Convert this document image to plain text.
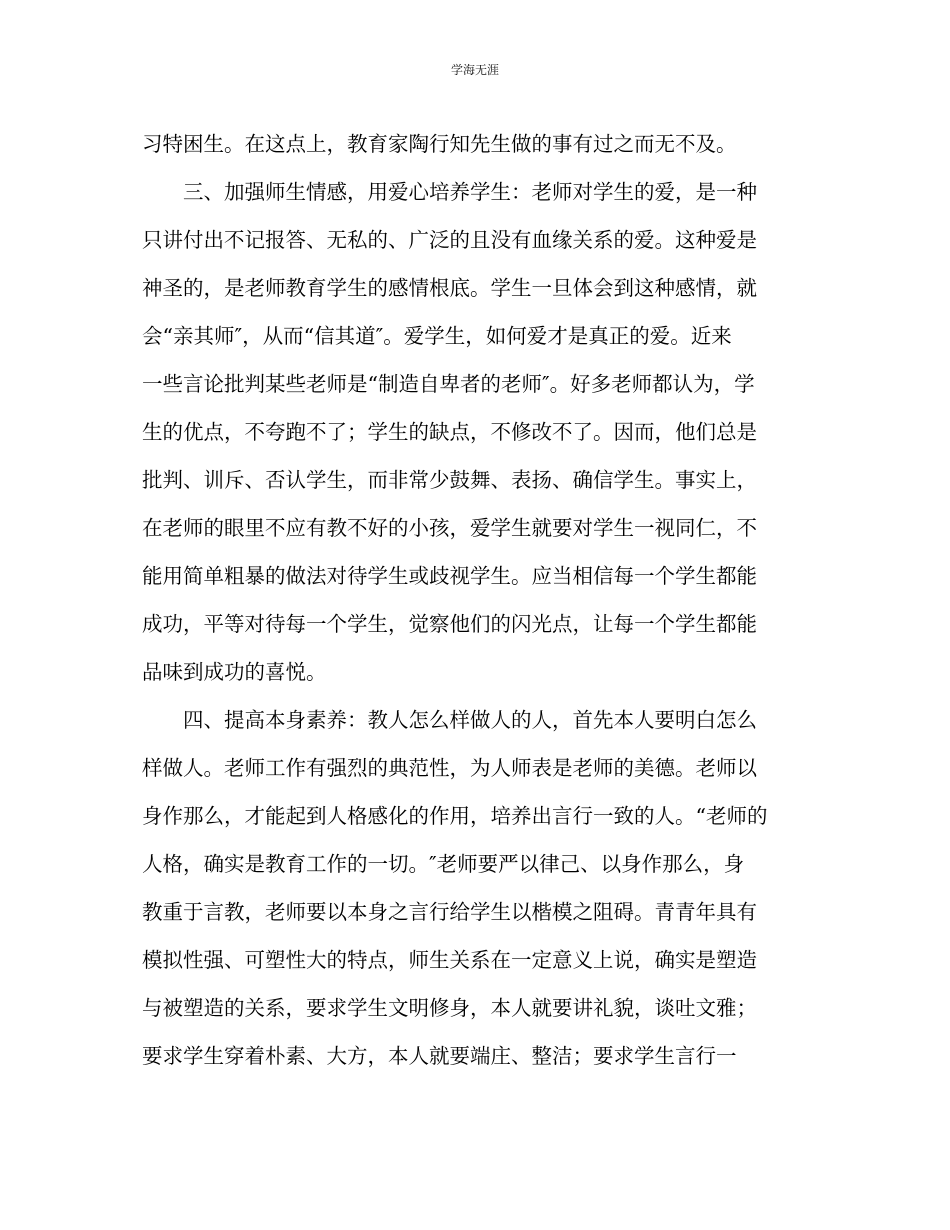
学海无涯
习特困生。在这点上，教育家陶行知先生做的事有过之而无不及。
　　三、加强师生情感，用爱心培养学生：老师对学生的爱，是一种
只讲付出不记报答、无私的、广泛的且没有血缘关系的爱。这种爱是
神圣的，是老师教育学生的感情根底。学生一旦体会到这种感情，就
会“亲其师″，从而“信其道″。爱学生，如何爱才是真正的爱。近来
一些言论批判某些老师是“制造自卑者的老师″。好多老师都认为，学
生的优点，不夸跑不了；学生的缺点，不修改不了。因而，他们总是
批判、训斥、否认学生，而非常少鼓舞、表扬、确信学生。事实上，
在老师的眼里不应有教不好的小孩，爱学生就要对学生一视同仁，不
能用简单粗暴的做法对待学生或歧视学生。应当相信每一个学生都能
成功，平等对待每一个学生，觉察他们的闪光点，让每一个学生都能
品味到成功的喜悦。
　　四、提高本身素养：教人怎么样做人的人，首先本人要明白怎么
样做人。老师工作有强烈的典范性，为人师表是老师的美德。老师以
身作那么，才能起到人格感化的作用，培养出言行一致的人。“老师的
人格，确实是教育工作的一切。″老师要严以律己、以身作那么，身
教重于言教，老师要以本身之言行给学生以楷模之阻碍。青青年具有
模拟性强、可塑性大的特点，师生关系在一定意义上说，确实是塑造
与被塑造的关系，要求学生文明修身，本人就要讲礼貌，谈吐文雅；
要求学生穿着朴素、大方，本人就要端庄、整洁；要求学生言行一
